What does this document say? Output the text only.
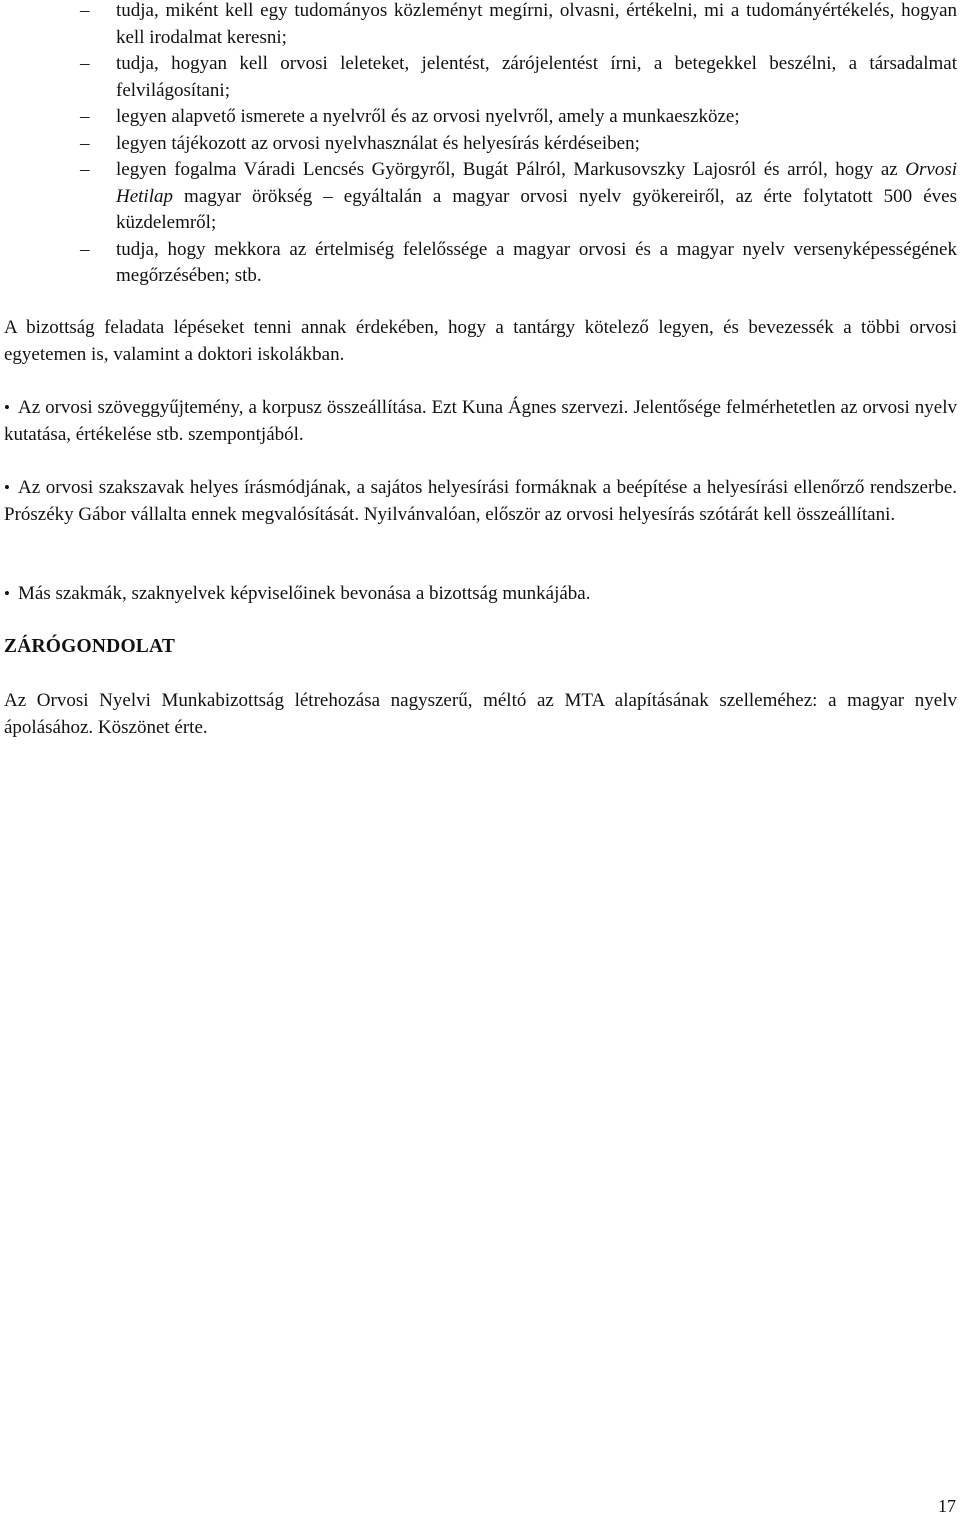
– tudja, miként kell egy tudományos közleményt megírni, olvasni, értékelni, mi a tudományértékelés, hogyan kell irodalmat keresni;
– tudja, hogyan kell orvosi leleteket, jelentést, zárójelentést írni, a betegekkel beszélni, a társadalmat felvilágosítani;
– legyen alapvető ismerete a nyelvről és az orvosi nyelvről, amely a munkaeszköze;
– legyen tájékozott az orvosi nyelvhasználat és helyesírás kérdéseiben;
– legyen fogalma Váradi Lencsés Györgyről, Bugát Pálról, Markusovszky Lajosról és arról, hogy az Orvosi Hetilap magyar örökség – egyáltalán a magyar orvosi nyelv gyökereiről, az érte folytatott 500 éves küzdelemről;
– tudja, hogy mekkora az értelmiség felelőssége a magyar orvosi és a magyar nyelv versenyképességének megőrzésében; stb.

A bizottság feladata lépéseket tenni annak érdekében, hogy a tantárgy kötelező legyen, és bevezessék a többi orvosi egyetemen is, valamint a doktori iskolákban.

• Az orvosi szöveggyűjtemény, a korpusz összeállítása. Ezt Kuna Ágnes szervezi. Jelentősége felmérhetetlen az orvosi nyelv kutatása, értékelése stb. szempontjából.

• Az orvosi szakszavak helyes írásmódjának, a sajátos helyesírási formáknak a beépítése a helyesírási ellenőrző rendszerbe. Prószéky Gábor vállalta ennek megvalósítását. Nyilvánvalóan, először az orvosi helyesírás szótárát kell összeállítani.

• Más szakmák, szaknyelvek képviselőinek bevonása a bizottság munkájába.

ZÁRÓGONDOLAT

Az Orvosi Nyelvi Munkabizottság létrehozása nagyszerű, méltó az MTA alapításának szelleméhez: a magyar nyelv ápolásához. Köszönet érte.

17
